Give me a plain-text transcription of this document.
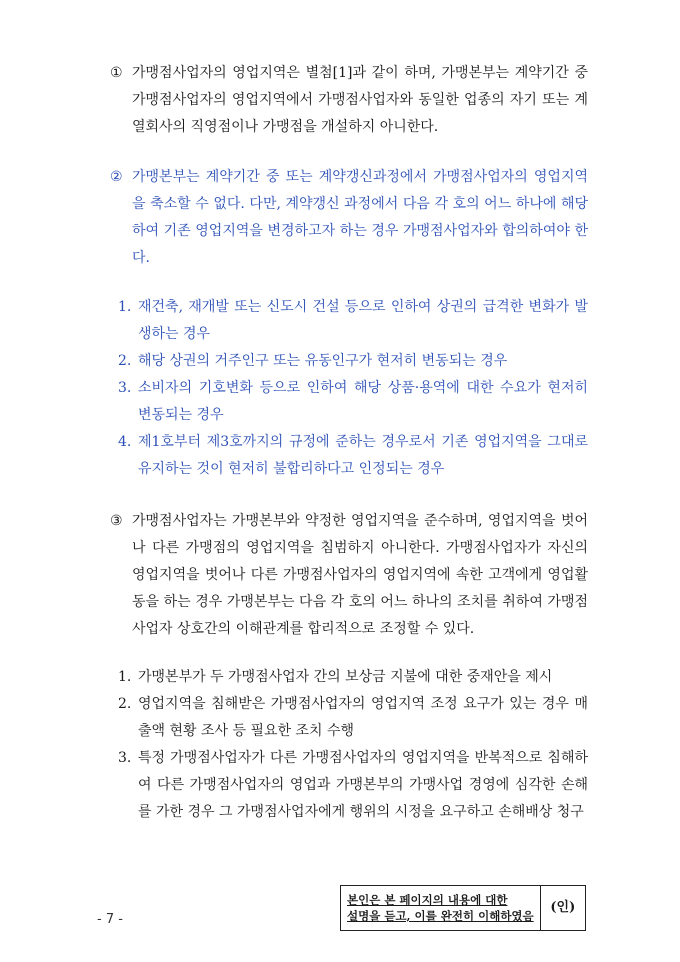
① 가맹점사업자의 영업지역은 별첨[1]과 같이 하며, 가맹본부는 계약기간 중 가맹점사업자의 영업지역에서 가맹점사업자와 동일한 업종의 자기 또는 계열회사의 직영점이나 가맹점을 개설하지 아니한다.
② 가맹본부는 계약기간 중 또는 계약갱신과정에서 가맹점사업자의 영업지역을 축소할 수 없다. 다만, 계약갱신 과정에서 다음 각 호의 어느 하나에 해당하여 기존 영업지역을 변경하고자 하는 경우 가맹점사업자와 합의하여야 한다.
1. 재건축, 재개발 또는 신도시 건설 등으로 인하여 상권의 급격한 변화가 발생하는 경우
2. 해당 상권의 거주인구 또는 유동인구가 현저히 변동되는 경우
3. 소비자의 기호변화 등으로 인하여 해당 상품·용역에 대한 수요가 현저히 변동되는 경우
4. 제1호부터 제3호까지의 규정에 준하는 경우로서 기존 영업지역을 그대로 유지하는 것이 현저히 불합리하다고 인정되는 경우
③ 가맹점사업자는 가맹본부와 약정한 영업지역을 준수하며, 영업지역을 벗어나 다른 가맹점의 영업지역을 침범하지 아니한다. 가맹점사업자가 자신의 영업지역을 벗어나 다른 가맹점사업자의 영업지역에 속한 고객에게 영업활동을 하는 경우 가맹본부는 다음 각 호의 어느 하나의 조치를 취하여 가맹점사업자 상호간의 이해관계를 합리적으로 조정할 수 있다.
1. 가맹본부가 두 가맹점사업자 간의 보상금 지불에 대한 중재안을 제시
2. 영업지역을 침해받은 가맹점사업자의 영업지역 조정 요구가 있는 경우 매출액 현황 조사 등 필요한 조치 수행
3. 특정 가맹점사업자가 다른 가맹점사업자의 영업지역을 반복적으로 침해하여 다른 가맹점사업자의 영업과 가맹본부의 가맹사업 경영에 심각한 손해를 가한 경우 그 가맹점사업자에게 행위의 시정을 요구하고 손해배상 청구
- 7 -
본인은 본 페이지의 내용에 대한
설명을 듣고, 이를 완전히 이해하였음
(인)
